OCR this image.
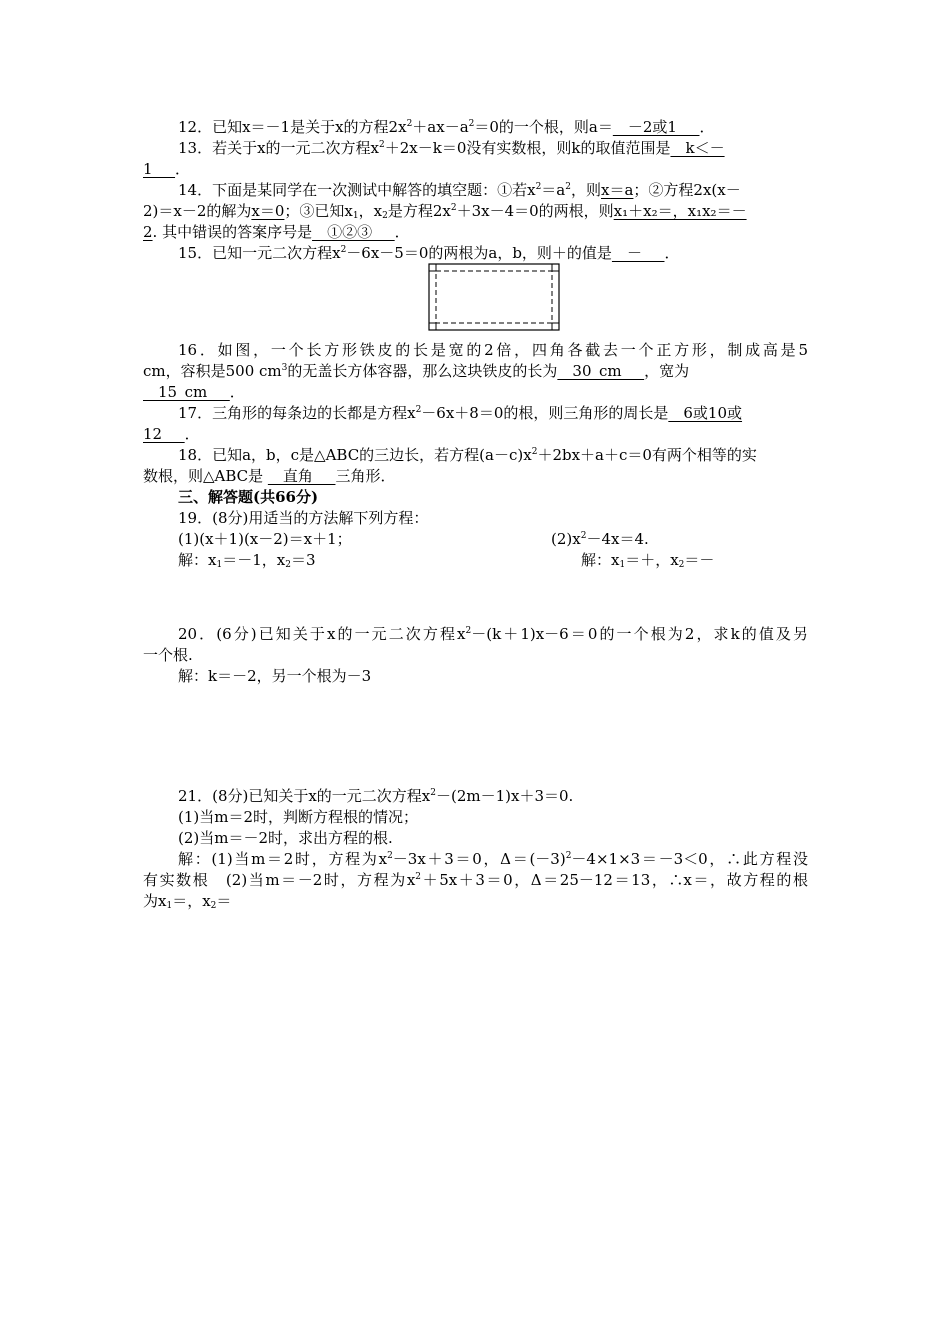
12．已知x＝－1是关于x的方程$2x^2+ax-a^2=0$的一个根，则a＝__－2或1___．
13．若关于x的一元二次方程$x^2+2x-k=0$没有实数根，则k的取值范围是__k＜－
1___．
14．下面是某同学在一次测试中解答的填空题：①若$x^2=a^2$，则x＝a；②方程2x(x－
2)＝x－2的解为x＝0；③已知$x_1$，$x_2$是方程$2x^2+3x-4=0$的两根，则x₁＋x₂＝，x₁x₂＝－
2. 其中错误的答案序号是__①②③___．
15．已知一元二次方程$x^2-6x-5=0$的两根为a，b，则＋的值是__－___．
16．如图，一个长方形铁皮的长是宽的2倍，四角各截去一个正方形，制成高是5
cm，容积是500 $cm^3$的无盖长方体容器，那么这块铁皮的长为__30_cm___，宽为
__15_cm___．
17．三角形的每条边的长都是方程$x^2-6x+8=0$的根，则三角形的周长是__6或10或
12___．
18．已知a，b，c是△ABC的三边长，若方程$(a-c)x^2+2bx+a+c=0$有两个相等的实
数根，则△ABC是 __直角___三角形．
三、解答题(共66分)
19．(8分)用适当的方法解下列方程：
(1)(x＋1)(x－2)＝x＋1；	$(2)x^2-4x=4$.
解：$x_1=-1$，$x_2=3$	解：$x_1=+$，$x_2=-$
20．(6分)已知关于x的一元二次方程$x^2-(k+1)x-6=0$的一个根为2，求k的值及另
一个根.
解：k＝－2，另一个根为－3
21．(8分)已知关于x的一元二次方程$x^2-(2m-1)x+3=0$.
(1)当m＝2时，判断方程根的情况；
(2)当m＝－2时，求出方程的根.
解：(1)当m＝2时，方程为$x^2-3x+3=0$，$\Delta=(-3)^2-4\times 1\times 3=-3<0$，∴此方程没
有实数根　(2)当m＝－2时，方程为$x^2+5x+3=0$，Δ＝25－12＝13，∴x＝，故方程的根
为$x_1=$，$x_2=$
